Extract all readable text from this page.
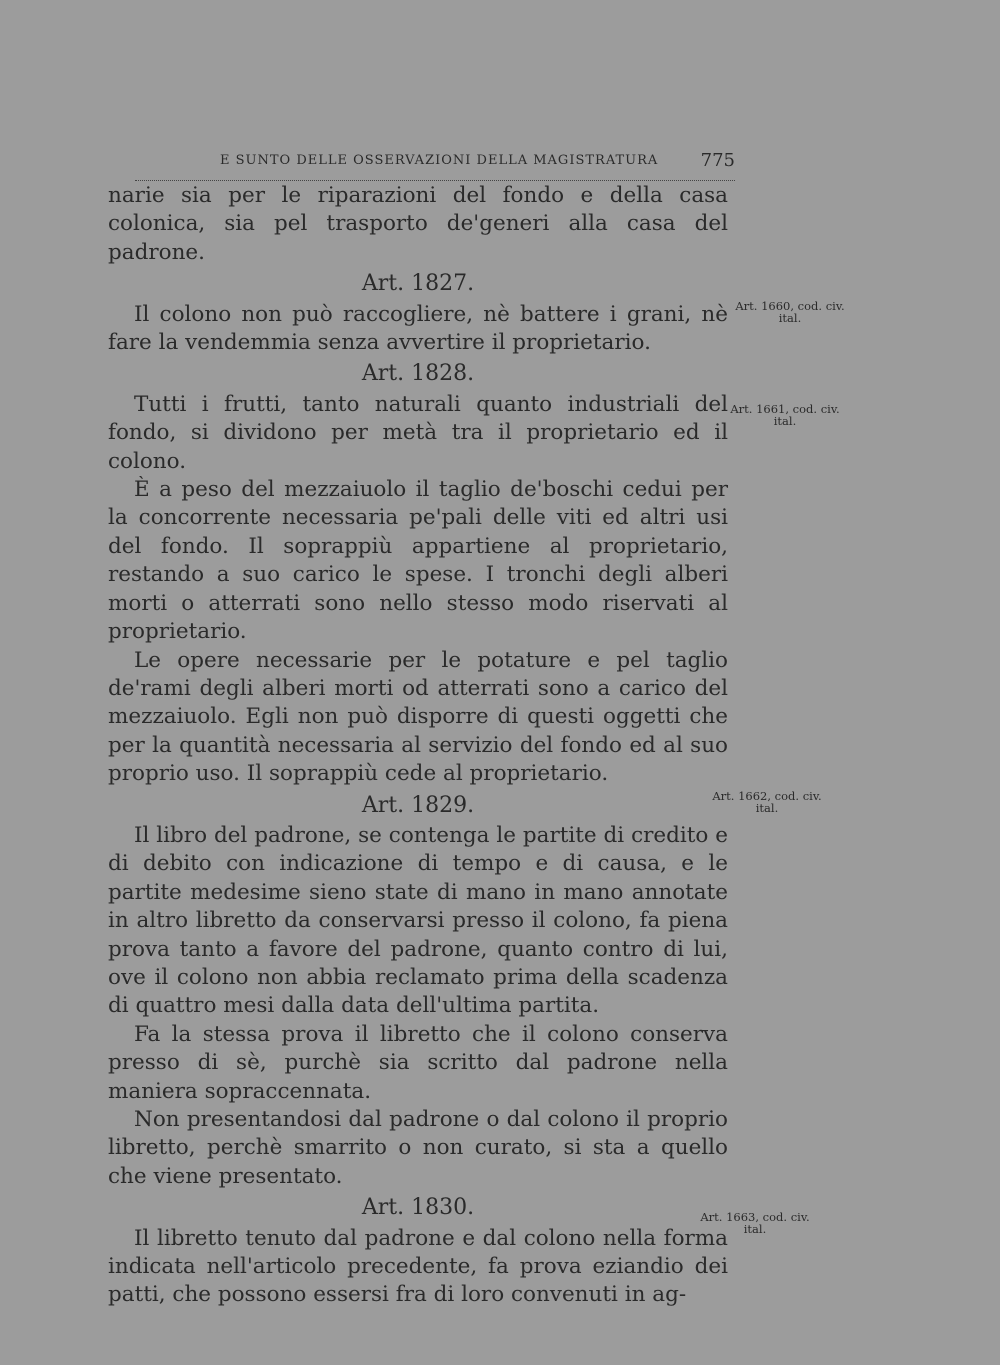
E SUNTO DELLE OSSERVAZIONI DELLA MAGISTRATURA 775

narie sia per le riparazioni del fondo e della casa colonica, sia pel trasporto de'generi alla casa del padrone.

Art. 1827.

Il colono non può raccogliere, nè battere i grani, nè fare la vendemmia senza avvertire il proprietario.

Art. 1828.

Tutti i frutti, tanto naturali quanto industriali del fondo, si dividono per metà tra il proprietario ed il colono.

È a peso del mezzaiuolo il taglio de'boschi cedui per la concorrente necessaria pe'pali delle viti ed altri usi del fondo. Il soprappiù appartiene al proprietario, restando a suo carico le spese. I tronchi degli alberi morti o atterrati sono nello stesso modo riservati al proprietario.

Le opere necessarie per le potature e pel taglio de'rami degli alberi morti od atterrati sono a carico del mezzaiuolo. Egli non può disporre di questi oggetti che per la quantità necessaria al servizio del fondo ed al suo proprio uso. Il soprappiù cede al proprietario.

Art. 1829.

Il libro del padrone, se contenga le partite di credito e di debito con indicazione di tempo e di causa, e le partite medesime sieno state di mano in mano annotate in altro libretto da conservarsi presso il colono, fa piena prova tanto a favore del padrone, quanto contro di lui, ove il colono non abbia reclamato prima della scadenza di quattro mesi dalla data dell'ultima partita.

Fa la stessa prova il libretto che il colono conserva presso di sè, purchè sia scritto dal padrone nella maniera sopraccennata.

Non presentandosi dal padrone o dal colono il proprio libretto, perchè smarrito o non curato, si sta a quello che viene presentato.

Art. 1830.

Il libretto tenuto dal padrone e dal colono nella forma indicata nell'articolo precedente, fa prova eziandio dei patti, che possono essersi fra di loro convenuti in ag-

Art. 1660, cod. civ. ital.
Art. 1661, cod. civ. ital.
Art. 1662, cod. civ. ital.
Art. 1663, cod. civ. ital.
